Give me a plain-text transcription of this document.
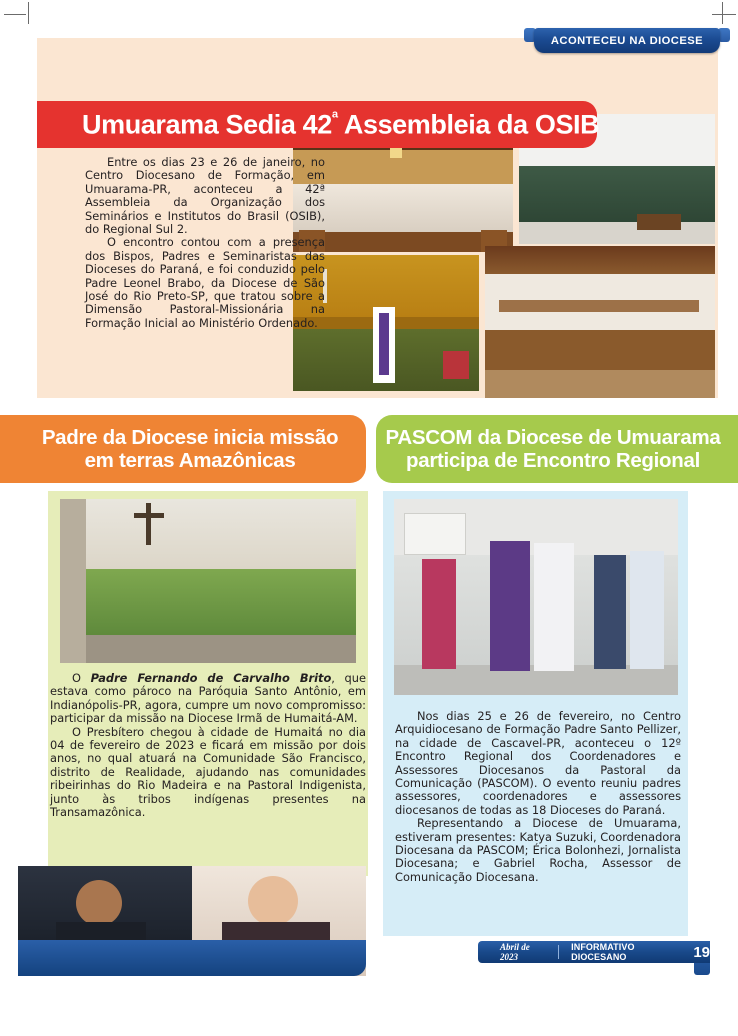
Umuarama Sedia $42^ª$ Assembleia da OSIB

Entre os dias 23 e 26 de janeiro, no Centro Diocesano de Formação, em Umuarama-PR, aconteceu a 42ª Assembleia da Organização dos Seminários e Institutos do Brasil (OSIB), do Regional Sul 2.

O encontro contou com a presença dos Bispos, Padres e Seminaristas das Dioceses do Paraná, e foi conduzido pelo Padre Leonel Brabo, da Diocese de São José do Rio Preto-SP, que tratou sobre a Dimensão Pastoral-Missionária na Formação Inicial ao Ministério Ordenado.

Padre da Diocese inicia missão
em terras Amazônicas
PASCOM da Diocese de Umuarama
participa de Encontro Regional

O Padre Fernando de Carvalho Brito, que estava como pároco na Paróquia Santo Antônio, em Indianópolis-PR, agora, cumpre um novo compromisso: participar da missão na Diocese Irmã de Humaitá-AM.

O Presbítero chegou à cidade de Humaitá no dia 04 de fevereiro de 2023 e ficará em missão por dois anos, no qual atuará na Comunidade São Francisco, distrito de Realidade, ajudando nas comunidades ribeirinhas do Rio Madeira e na Pastoral Indigenista, junto às tribos indígenas presentes na Transamazônica.

Nos dias 25 e 26 de fevereiro, no Centro Arquidiocesano de Formação Padre Santo Pellizer, na cidade de Cascavel-PR, aconteceu o 12º Encontro Regional dos Coordenadores e Assessores Diocesanos da Pastoral da Comunicação (PASCOM). O evento reuniu padres assessores, coordenadores e assessores diocesanos de todas as 18 Dioceses do Paraná.

Representando a Diocese de Umuarama, estiveram presentes: Katya Suzuki, Coordenadora Diocesana da PASCOM; Érica Bolonhezi, Jornalista Diocesana; e Gabriel Rocha, Assessor de Comunicação Diocesana.

Gabriel Rocha
Assessor de Comunicação Diocesana e PASCOM
Texto:
Érica Bolonhezi
Jornalista Diocesana e PASCOM
ACONTECEU NA DIOCESE
Abril de 2023
INFORMATIVO DIOCESANO	19
